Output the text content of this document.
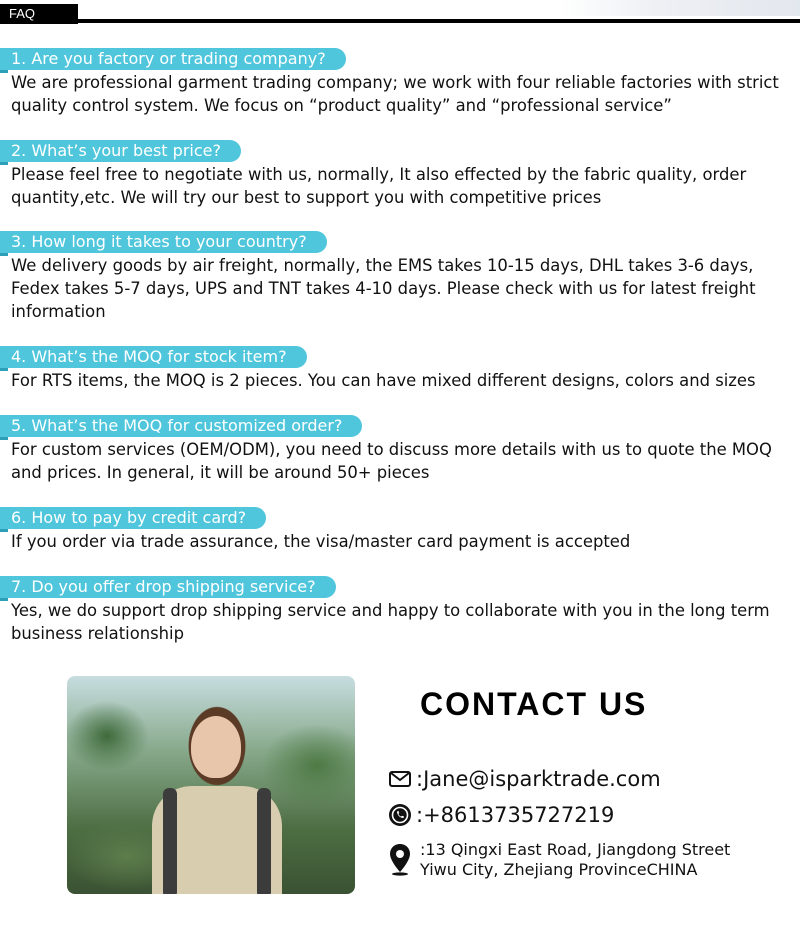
FAQ
1. Are you factory or trading company?

We are professional garment trading company; we work with four reliable factories with strict quality control system. We focus on “product quality” and “professional service”

2. What’s your best price?

Please feel free to negotiate with us, normally, It also effected by the fabric quality, order quantity,etc. We will try our best to support you with competitive prices

3. How long it takes to your country?

We delivery goods by air freight, normally, the EMS takes 10-15 days, DHL takes 3-6 days, Fedex takes 5-7 days, UPS and TNT takes 4-10 days. Please check with us for latest freight information

4. What’s the MOQ for stock item?

For RTS items, the MOQ is 2 pieces. You can have mixed different designs, colors and sizes

5. What’s the MOQ for customized order?

For custom services (OEM/ODM), you need to discuss more details with us to quote the MOQ and prices. In general, it will be around 50+ pieces

6. How to pay by credit card?

If you order via trade assurance, the visa/master card payment is accepted

7. Do you offer drop shipping service?

Yes, we do support drop shipping service and happy to collaborate with you in the long term business relationship

CONTACT US
:Jane@isparktrade.com
:+8613735727219
:13 Qingxi East Road, Jiangdong Street
Yiwu City, Zhejiang ProvinceCHINA
